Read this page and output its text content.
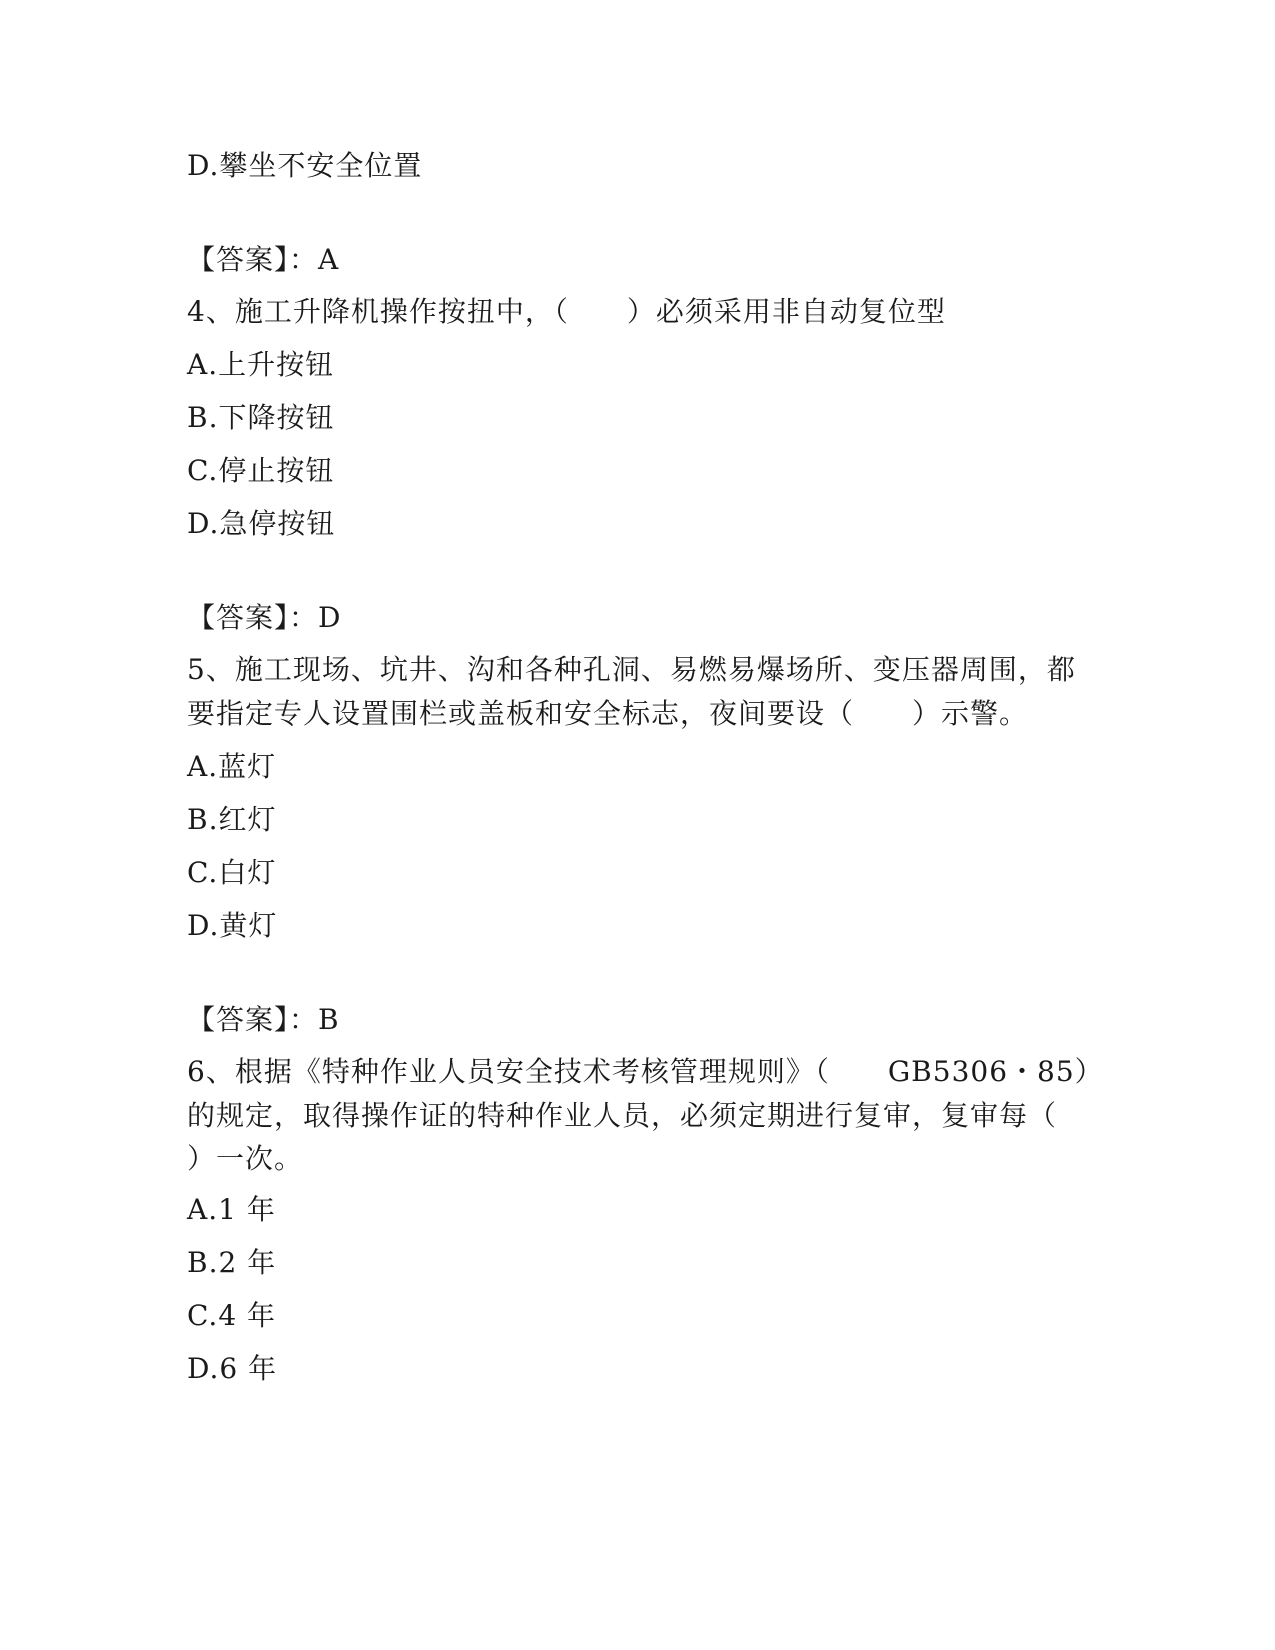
D.攀坐不安全位置
【答案】：A
4、施工升降机操作按扭中，（　　）必须采用非自动复位型
A.上升按钮
B.下降按钮
C.停止按钮
D.急停按钮
【答案】：D
5、施工现场、坑井、沟和各种孔洞、易燃易爆场所、变压器周围，都
要指定专人设置围栏或盖板和安全标志，夜间要设（　　）示警。
A.蓝灯
B.红灯
C.白灯
D.黄灯
【答案】：B
6、根据《特种作业人员安全技术考核管理规则》（　　GB5306・85）
的规定，取得操作证的特种作业人员，必须定期进行复审，复审每（
）一次。
A.1 年
B.2 年
C.4 年
D.6 年
